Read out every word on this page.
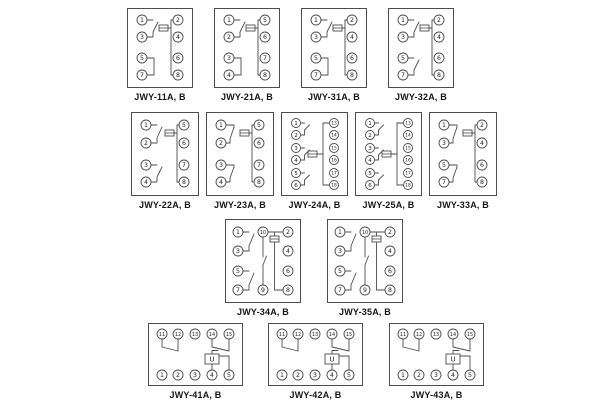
1	2
3	4
5	6
7	8
JWY-11A, B
1	5
2	6
3	7
4	8
JWY-21A, B
1	2
3	4
5	6
7	8
JWY-31A, B
1	2
3	4
5	6
7	8
JWY-32A, B
1	5
2	6
3	7
4	8
JWY-22A, B
1	5
2	6
3	7
4	8
JWY-23A, B
1	13
2	14
3	15
4	16
5	17
6	18
JWY-24A, B
1	13
2	14
3	15
4	16
5	17
6	18
JWY-25A, B
1	2
3	4
5	6
7	8
JWY-33A, B
1	2
3	4
5	6
7	8
10
9
JWY-34A, B
1	2
3	4
5	6
7	8
10
9
JWY-35A, B
U
11
1
12
2
13
3
14
4
15
5
JWY-41A, B
U
11
1
12
2
13
3
14
4
15
5
JWY-42A, B
U
11
1
12
2
13
3
14
4
15
5
JWY-43A, B
